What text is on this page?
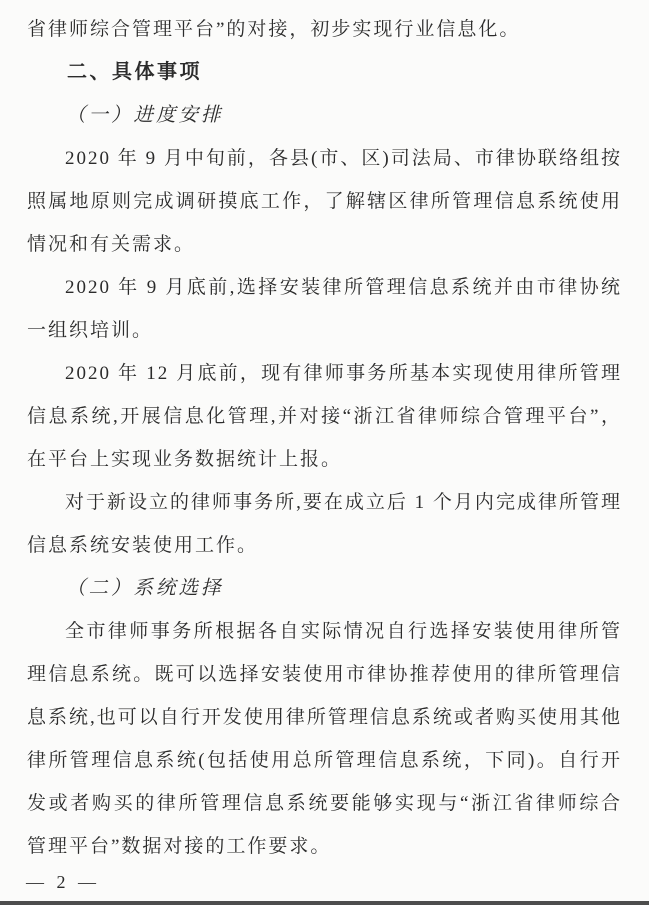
省律师综合管理平台”的对接，初步实现行业信息化。

二、具体事项
（一）进度安排

2020 年 9 月中旬前，各县(市、区)司法局、市律协联络组按照属地原则完成调研摸底工作，了解辖区律所管理信息系统使用情况和有关需求。

2020 年 9 月底前,选择安装律所管理信息系统并由市律协统一组织培训。

2020 年 12 月底前，现有律师事务所基本实现使用律所管理信息系统,开展信息化管理,并对接“浙江省律师综合管理平台”，在平台上实现业务数据统计上报。

对于新设立的律师事务所,要在成立后 1 个月内完成律所管理信息系统安装使用工作。

（二）系统选择

全市律师事务所根据各自实际情况自行选择安装使用律所管理信息系统。既可以选择安装使用市律协推荐使用的律所管理信息系统,也可以自行开发使用律所管理信息系统或者购买使用其他律所管理信息系统(包括使用总所管理信息系统，下同)。自行开发或者购买的律所管理信息系统要能够实现与“浙江省律师综合管理平台”数据对接的工作要求。

— 2 —
